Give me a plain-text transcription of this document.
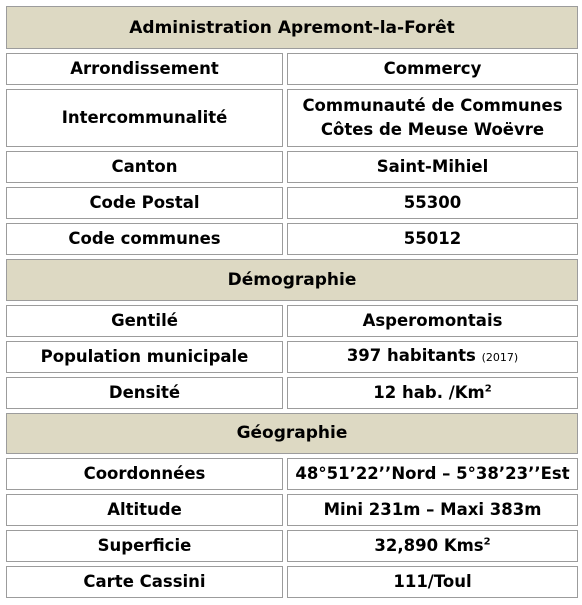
Administration Apremont-la-Forêt	
Arrondissement	Commercy
Intercommunalité	Communauté de Communes
Côtes de Meuse Woëvre

Canton	Saint-Mihiel
Code Postal	55300
Code communes	55012
Démographie	
Gentilé	Asperomontais
Population municipale	397 habitants (2017)
Densité	12 hab. /Km$^2$
Géographie	
Coordonnées	48°51’22’’Nord – 5°38’23’’Est
Altitude	Mini 231m – Maxi 383m
Superficie	32,890 Kms$^2$
Carte Cassini	111/Toul
